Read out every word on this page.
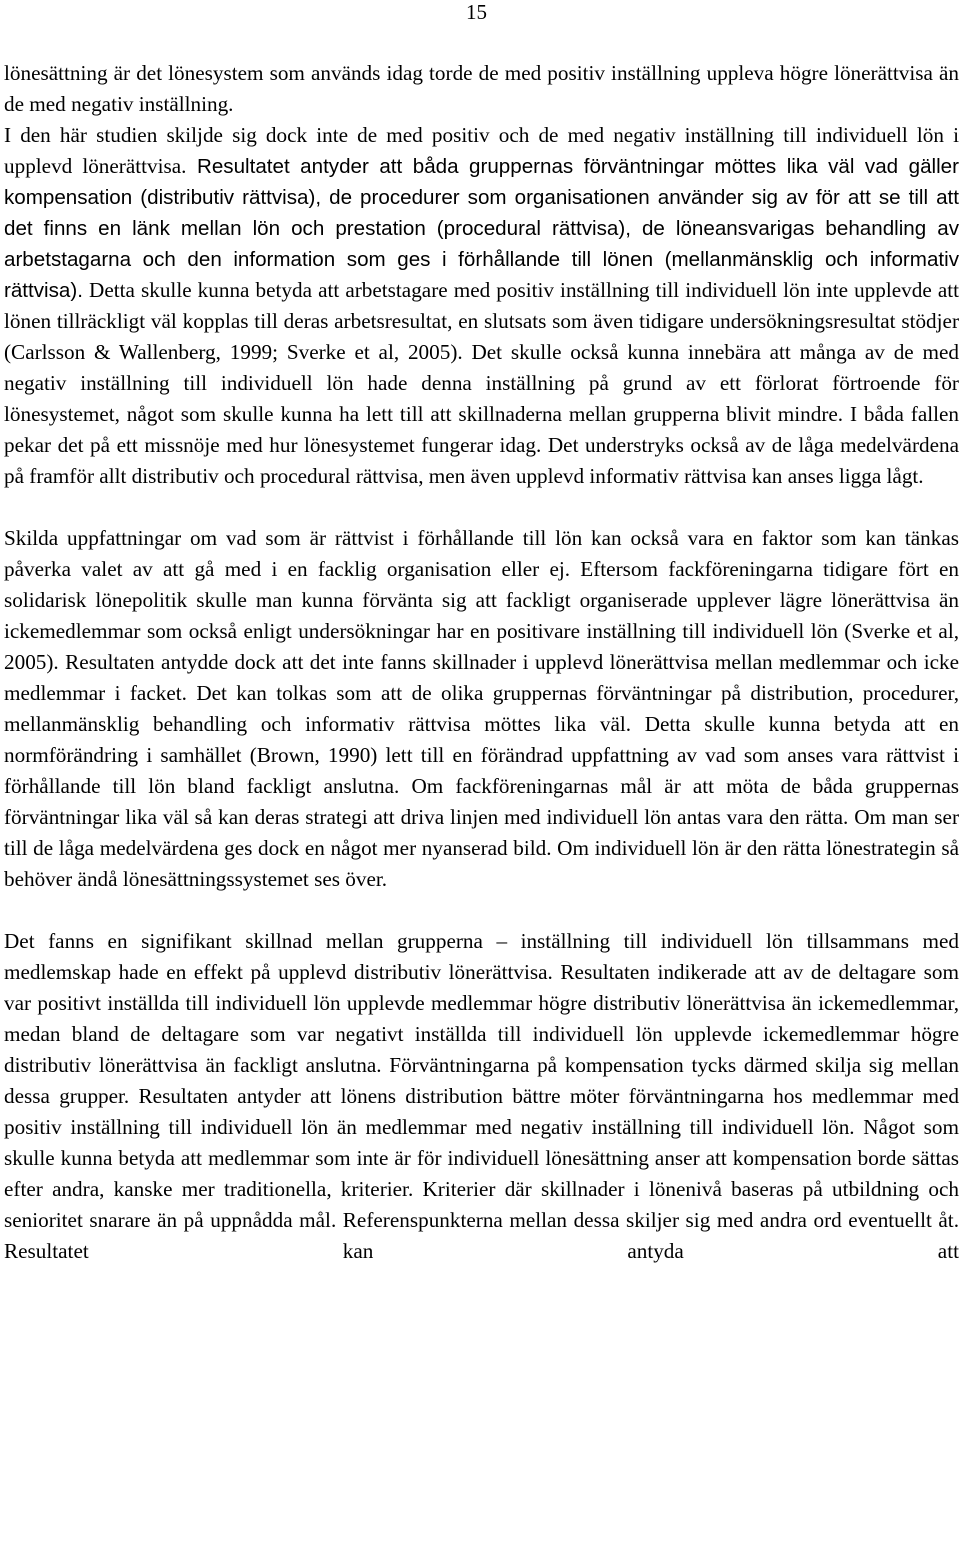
15

lönesättning är det lönesystem som används idag torde de med positiv inställning uppleva högre lönerättvisa än de med negativ inställning.

I den här studien skiljde sig dock inte de med positiv och de med negativ inställning till individuell lön i upplevd lönerättvisa. Resultatet antyder att båda gruppernas förväntningar möttes lika väl vad gäller kompensation (distributiv rättvisa), de procedurer som organisationen använder sig av för att se till att det finns en länk mellan lön och prestation (procedural rättvisa), de löneansvarigas behandling av arbetstagarna och den information som ges i förhållande till lönen (mellanmänsklig och informativ rättvisa). Detta skulle kunna betyda att arbetstagare med positiv inställning till individuell lön inte upplevde att lönen tillräckligt väl kopplas till deras arbetsresultat, en slutsats som även tidigare undersökningsresultat stödjer (Carlsson & Wallenberg, 1999; Sverke et al, 2005). Det skulle också kunna innebära att många av de med negativ inställning till individuell lön hade denna inställning på grund av ett förlorat förtroende för lönesystemet, något som skulle kunna ha lett till att skillnaderna mellan grupperna blivit mindre. I båda fallen pekar det på ett missnöje med hur lönesystemet fungerar idag. Det understryks också av de låga medelvärdena på framför allt distributiv och procedural rättvisa, men även upplevd informativ rättvisa kan anses ligga lågt.

Skilda uppfattningar om vad som är rättvist i förhållande till lön kan också vara en faktor som kan tänkas påverka valet av att gå med i en facklig organisation eller ej. Eftersom fackföreningarna tidigare fört en solidarisk lönepolitik skulle man kunna förvänta sig att fackligt organiserade upplever lägre lönerättvisa än ickemedlemmar som också enligt undersökningar har en positivare inställning till individuell lön (Sverke et al, 2005). Resultaten antydde dock att det inte fanns skillnader i upplevd lönerättvisa mellan medlemmar och icke medlemmar i facket. Det kan tolkas som att de olika gruppernas förväntningar på distribution, procedurer, mellanmänsklig behandling och informativ rättvisa möttes lika väl. Detta skulle kunna betyda att en normförändring i samhället (Brown, 1990) lett till en förändrad uppfattning av vad som anses vara rättvist i förhållande till lön bland fackligt anslutna. Om fackföreningarnas mål är att möta de båda gruppernas förväntningar lika väl så kan deras strategi att driva linjen med individuell lön antas vara den rätta. Om man ser till de låga medelvärdena ges dock en något mer nyanserad bild. Om individuell lön är den rätta lönestrategin så behöver ändå lönesättningssystemet ses över.

Det fanns en signifikant skillnad mellan grupperna – inställning till individuell lön tillsammans med medlemskap hade en effekt på upplevd distributiv lönerättvisa. Resultaten indikerade att av de deltagare som var positivt inställda till individuell lön upplevde medlemmar högre distributiv lönerättvisa än ickemedlemmar, medan bland de deltagare som var negativt inställda till individuell lön upplevde ickemedlemmar högre distributiv lönerättvisa än fackligt anslutna. Förväntningarna på kompensation tycks därmed skilja sig mellan dessa grupper. Resultaten antyder att lönens distribution bättre möter förväntningarna hos medlemmar med positiv inställning till individuell lön än medlemmar med negativ inställning till individuell lön. Något som skulle kunna betyda att medlemmar som inte är för individuell lönesättning anser att kompensation borde sättas efter andra, kanske mer traditionella, kriterier. Kriterier där skillnader i lönenivå baseras på utbildning och senioritet snarare än på uppnådda mål. Referenspunkterna mellan dessa skiljer sig med andra ord eventuellt åt. Resultatet kan antyda att
